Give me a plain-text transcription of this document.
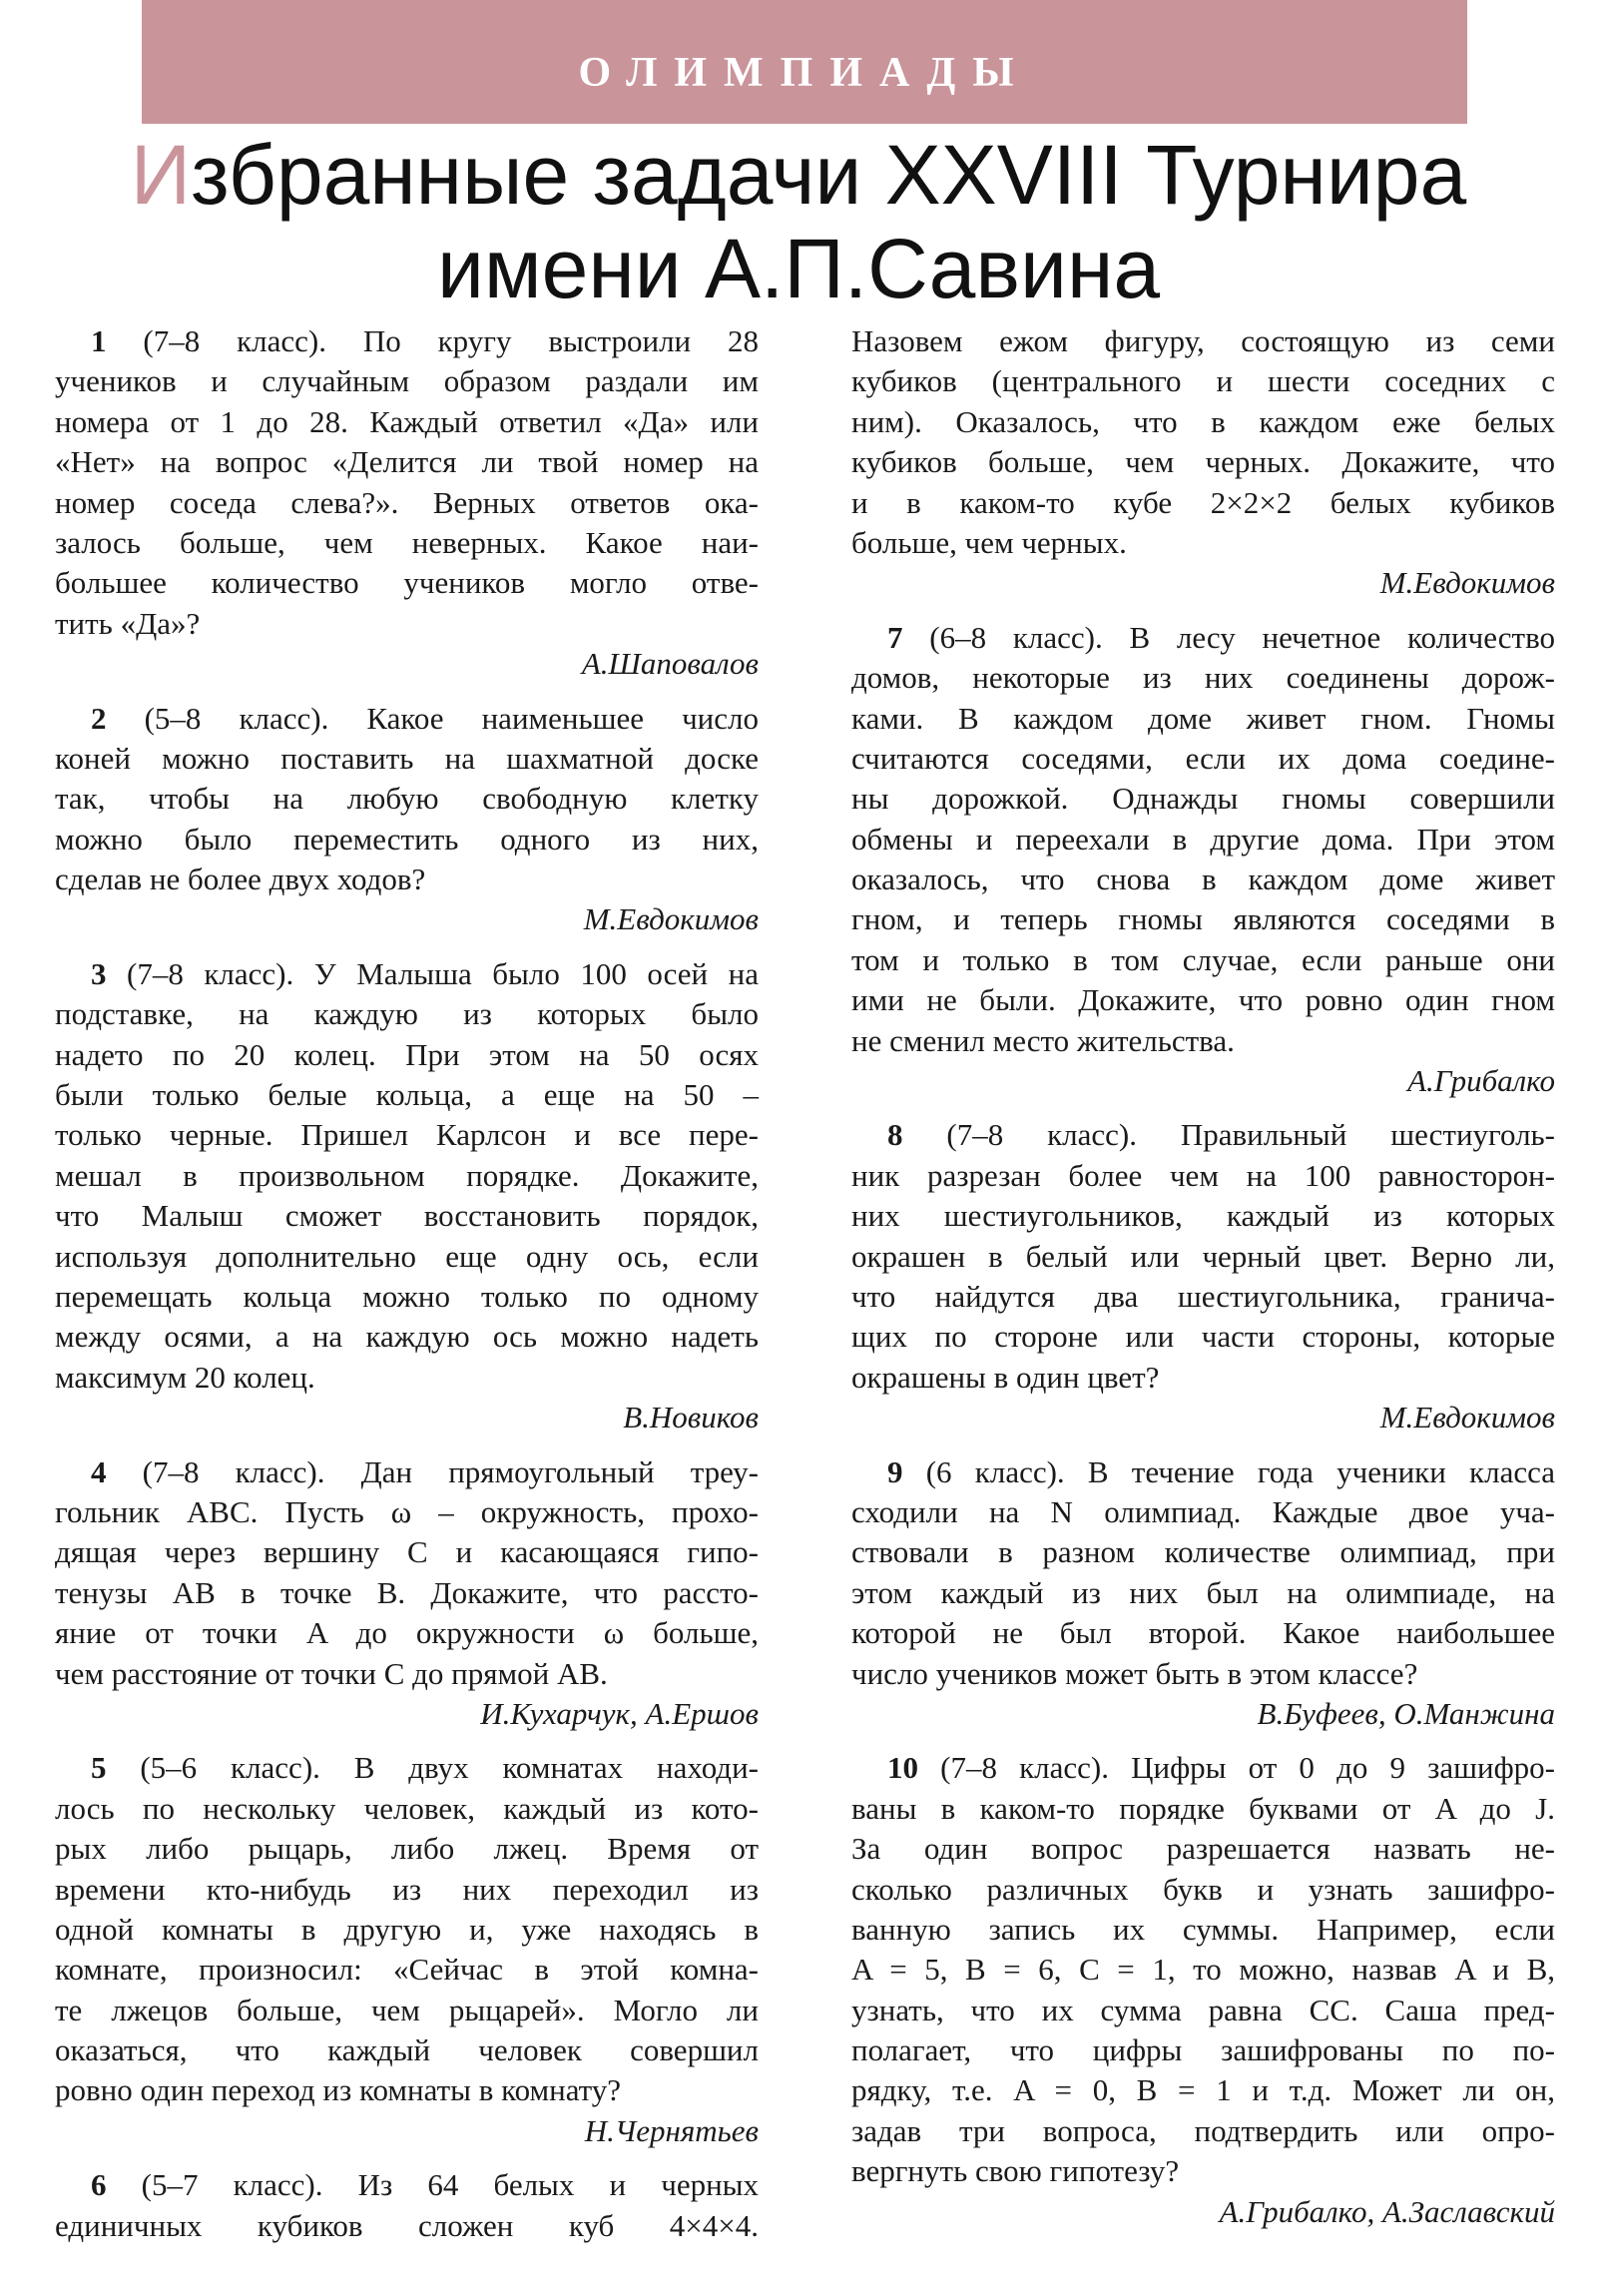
ОЛИМПИАДЫ
Избранные задачи XXVIII Турнира
имени А.П.Савина
1 (7–8 класс). По кругу выстроили 28
учеников и случайным образом раздали им
номера от 1 до 28. Каждый ответил «Да» или
«Нет» на вопрос «Делится ли твой номер на
номер соседа слева?». Верных ответов ока-
залось больше, чем неверных. Какое наи-
большее количество учеников могло отве-
тить «Да»?
А.Шаповалов
2 (5–8 класс). Какое наименьшее число
коней можно поставить на шахматной доске
так, чтобы на любую свободную клетку
можно было переместить одного из них,
сделав не более двух ходов?
М.Евдокимов
3 (7–8 класс). У Малыша было 100 осей на
подставке, на каждую из которых было
надето по 20 колец. При этом на 50 осях
были только белые кольца, а еще на 50 –
только черные. Пришел Карлсон и все пере-
мешал в произвольном порядке. Докажите,
что Малыш сможет восстановить порядок,
используя дополнительно еще одну ось, если
перемещать кольца можно только по одному
между осями, а на каждую ось можно надеть
максимум 20 колец.
В.Новиков
4 (7–8 класс). Дан прямоугольный треу-
гольник ABC. Пусть ω – окружность, прохо-
дящая через вершину C и касающаяся гипо-
тенузы AB в точке B. Докажите, что рассто-
яние от точки A до окружности ω больше,
чем расстояние от точки C до прямой AB.
И.Кухарчук, А.Ершов
5 (5–6 класс). В двух комнатах находи-
лось по нескольку человек, каждый из кото-
рых либо рыцарь, либо лжец. Время от
времени кто-нибудь из них переходил из
одной комнаты в другую и, уже находясь в
комнате, произносил: «Сейчас в этой комна-
те лжецов больше, чем рыцарей». Могло ли
оказаться, что каждый человек совершил
ровно один переход из комнаты в комнату?
Н.Чернятьев
6 (5–7 класс). Из 64 белых и черных
единичных кубиков сложен куб 4×4×4.
Назовем ежом фигуру, состоящую из семи
кубиков (центрального и шести соседних с
ним). Оказалось, что в каждом еже белых
кубиков больше, чем черных. Докажите, что
и в каком-то кубе 2×2×2 белых кубиков
больше, чем черных.
М.Евдокимов
7 (6–8 класс). В лесу нечетное количество
домов, некоторые из них соединены дорож-
ками. В каждом доме живет гном. Гномы
считаются соседями, если их дома соедине-
ны дорожкой. Однажды гномы совершили
обмены и переехали в другие дома. При этом
оказалось, что снова в каждом доме живет
гном, и теперь гномы являются соседями в
том и только в том случае, если раньше они
ими не были. Докажите, что ровно один гном
не сменил место жительства.
А.Грибалко
8 (7–8 класс). Правильный шестиуголь-
ник разрезан более чем на 100 равносторон-
них шестиугольников, каждый из которых
окрашен в белый или черный цвет. Верно ли,
что найдутся два шестиугольника, гранича-
щих по стороне или части стороны, которые
окрашены в один цвет?
М.Евдокимов
9 (6 класс). В течение года ученики класса
сходили на N олимпиад. Каждые двое уча-
ствовали в разном количестве олимпиад, при
этом каждый из них был на олимпиаде, на
которой не был второй. Какое наибольшее
число учеников может быть в этом классе?
В.Буфеев, О.Манжина
10 (7–8 класс). Цифры от 0 до 9 зашифро-
ваны в каком-то порядке буквами от A до J.
За один вопрос разрешается назвать не-
сколько различных букв и узнать зашифро-
ванную запись их суммы. Например, если
A = 5, B = 6, C = 1, то можно, назвав A и B,
узнать, что их сумма равна CC. Саша пред-
полагает, что цифры зашифрованы по по-
рядку, т.е. A = 0, B = 1 и т.д. Может ли он,
задав три вопроса, подтвердить или опро-
вергнуть свою гипотезу?
А.Грибалко, А.Заславский
